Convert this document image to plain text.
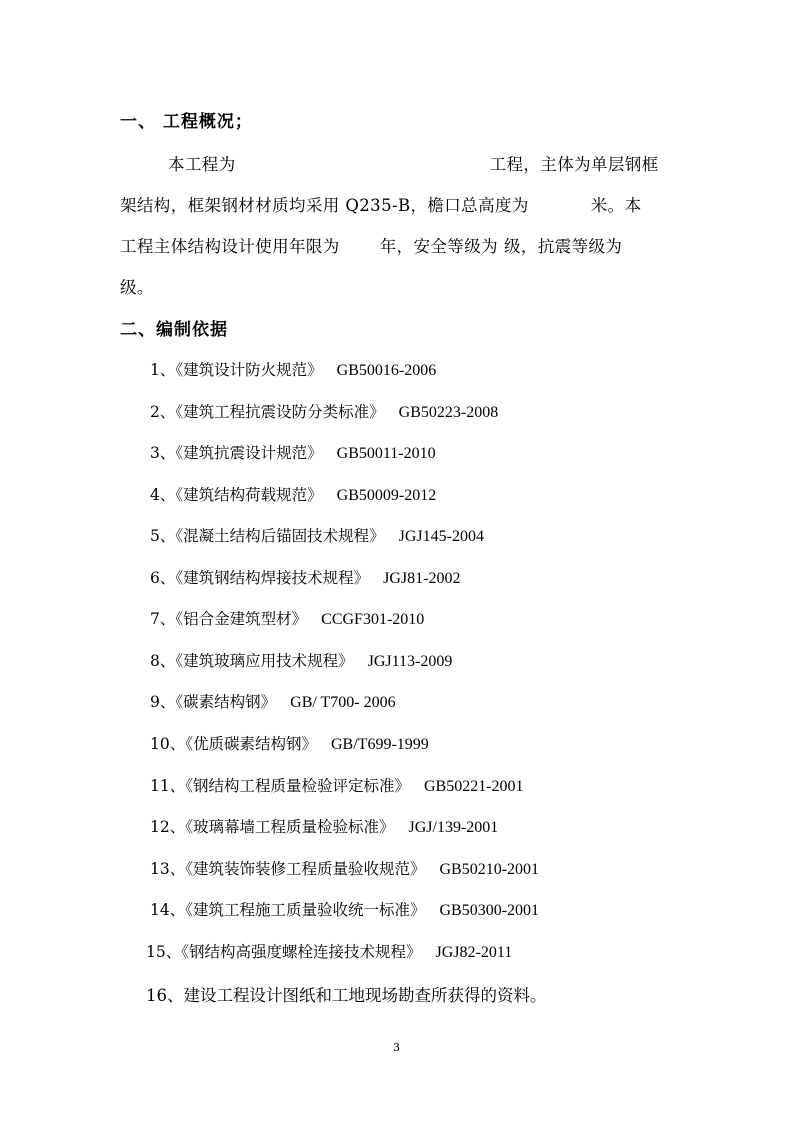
一、 工程概况；
本工程为	工程，主体为单层钢框
架结构，框架钢材材质均采用 Q235-B，檐口总高度为	米。本
工程主体结构设计使用年限为 年，安全等级为 级，抗震等级为
级。
二、编制依据
1、《建筑设计防火规范》 GB50016-2006
2、《建筑工程抗震设防分类标准》 GB50223-2008
3、《建筑抗震设计规范》 GB50011-2010
4、《建筑结构荷载规范》 GB50009-2012
5、《混凝土结构后锚固技术规程》 JGJ145-2004
6、《建筑钢结构焊接技术规程》 JGJ81-2002
7、《铝合金建筑型材》 CCGF301-2010
8、《建筑玻璃应用技术规程》 JGJ113-2009
9、《碳素结构钢》 GB/ T700- 2006
10、《优质碳素结构钢》 GB/T699-1999
11、《钢结构工程质量检验评定标准》 GB50221-2001
12、《玻璃幕墙工程质量检验标准》 JGJ/139-2001
13、《建筑装饰装修工程质量验收规范》 GB50210-2001
14、《建筑工程施工质量验收统一标准》 GB50300-2001
15、《钢结构高强度螺栓连接技术规程》 JGJ82-2011
16、建设工程设计图纸和工地现场勘查所获得的资料。
3
